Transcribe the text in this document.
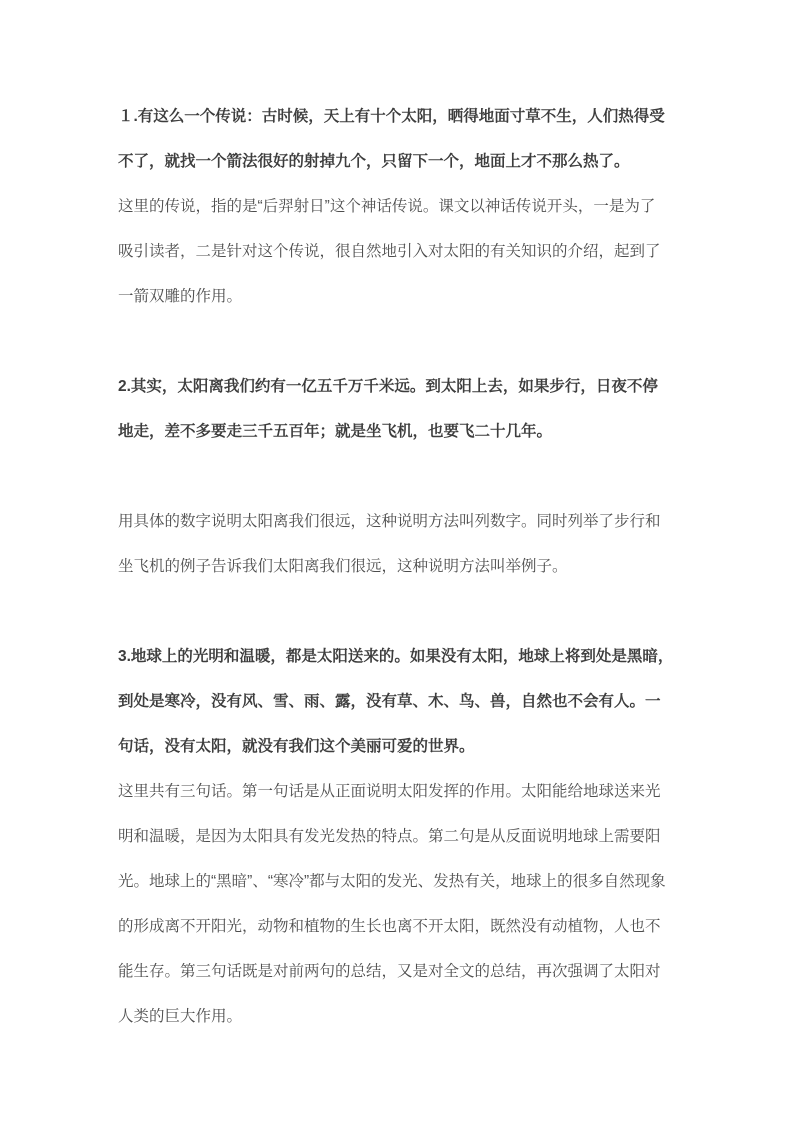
１.有这么一个传说：古时候，天上有十个太阳，晒得地面寸草不生，人们热得受
不了，就找一个箭法很好的射掉九个，只留下一个，地面上才不那么热了。
这里的传说，指的是“后羿射日”这个神话传说。课文以神话传说开头，一是为了
吸引读者，二是针对这个传说，很自然地引入对太阳的有关知识的介绍，起到了
一箭双雕的作用。
2.其实，太阳离我们约有一亿五千万千米远。到太阳上去，如果步行，日夜不停
地走，差不多要走三千五百年；就是坐飞机，也要飞二十几年。
用具体的数字说明太阳离我们很远，这种说明方法叫列数字。同时列举了步行和
坐飞机的例子告诉我们太阳离我们很远，这种说明方法叫举例子。
3.地球上的光明和温暖，都是太阳送来的。如果没有太阳，地球上将到处是黑暗，
到处是寒冷，没有风、雪、雨、露，没有草、木、鸟、兽，自然也不会有人。一
句话，没有太阳，就没有我们这个美丽可爱的世界。
这里共有三句话。第一句话是从正面说明太阳发挥的作用。太阳能给地球送来光
明和温暖，是因为太阳具有发光发热的特点。第二句是从反面说明地球上需要阳
光。地球上的“黑暗”、“寒冷”都与太阳的发光、发热有关，地球上的很多自然现象
的形成离不开阳光，动物和植物的生长也离不开太阳，既然没有动植物，人也不
能生存。第三句话既是对前两句的总结，又是对全文的总结，再次强调了太阳对
人类的巨大作用。
